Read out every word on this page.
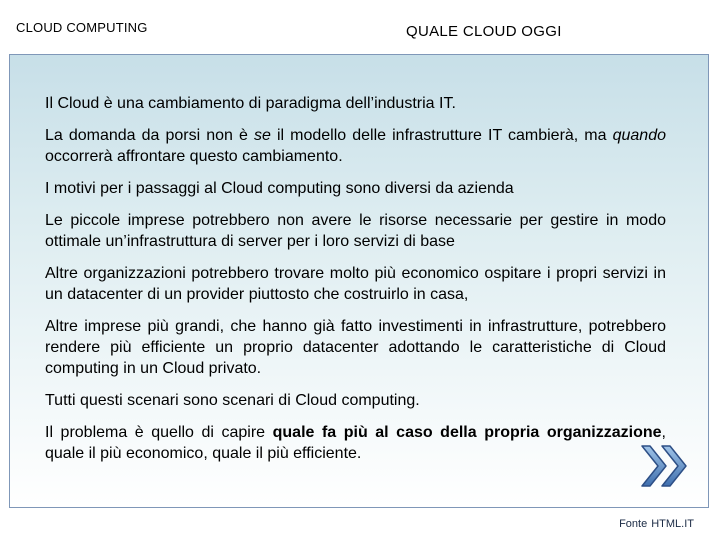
CLOUD COMPUTING	QUALE CLOUD OGGI

Il Cloud è una cambiamento di paradigma dell’industria IT.

La domanda da porsi non è se il modello delle infrastrutture IT cambierà, ma quando occorrerà affrontare questo cambiamento.

I motivi per i passaggi al Cloud computing sono diversi da azienda

Le piccole imprese potrebbero non avere le risorse necessarie per gestire in modo ottimale un’infrastruttura di server per i loro servizi di base

Altre organizzazioni potrebbero trovare molto più economico ospitare i propri servizi in un datacenter di un provider piuttosto che costruirlo in casa,

Altre imprese più grandi, che hanno già fatto investimenti in infrastrutture, potrebbero rendere più efficiente un proprio datacenter adottando le caratteristiche di Cloud computing in un Cloud privato.

Tutti questi scenari sono scenari di Cloud computing.

Il problema è quello di capire quale fa più al caso della propria organizzazione, quale il più economico, quale il più efficiente.

Fonte HTML.IT
